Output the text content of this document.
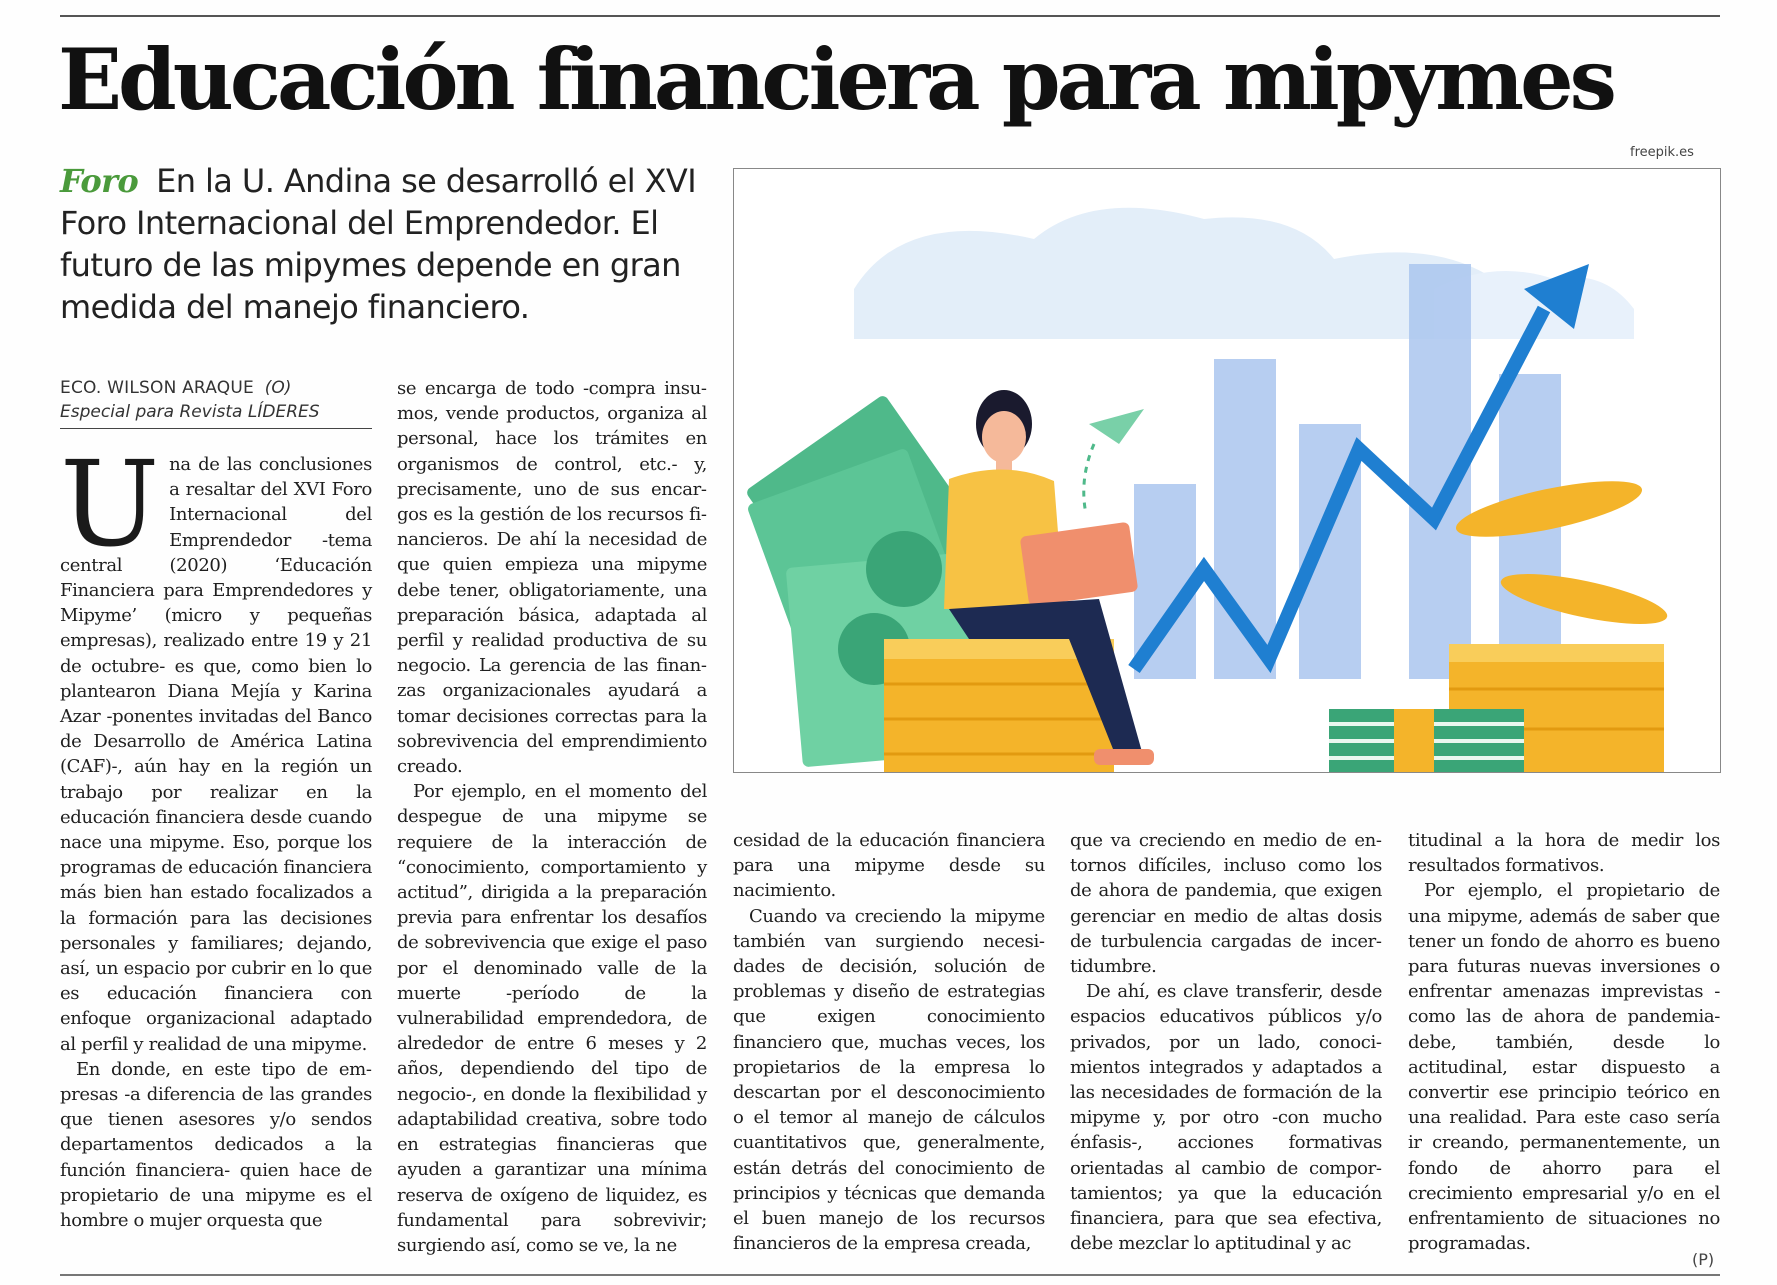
Educación financiera para mipymes
Foro En la U. Andina se desarrolló el XVI Foro Internacional del Emprendedor. El futuro de las mipymes depende en gran medida del manejo financiero.
freepik.es
ECO. WILSON ARAQUE (O)
Especial para Revista LÍDERES

Una de las conclusiones a resaltar del XVI Foro Internacional del Emprendedor -tema central (2020) ‘Educación Financiera para Emprendedores y Mipyme’ (micro y pequeñas empresas), realizado entre 19 y 21 de octubre- es que, como bien lo plantearon Diana Mejía y Karina Azar -ponentes invitadas del Banco de Desarrollo de América Latina (CAF)-, aún hay en la región un trabajo por realizar en la educación financiera desde cuando nace una mipyme. Eso, porque los programas de educación financiera más bien han estado focalizados a la formación para las decisiones personales y familiares; dejando, así, un espacio por cubrir en lo que es educación financiera con enfoque organizacional adaptado al perfil y realidad de una mipyme.

En donde, en este tipo de empresas -a diferencia de las grandes que tienen asesores y/o sendos departamentos dedicados a la función financiera- quien hace de propietario de una mipyme es el hombre o mujer orquesta que

se encarga de todo -compra insumos, vende productos, organiza al personal, hace los trámites en organismos de control, etc.- y, precisamente, uno de sus encargos es la gestión de los recursos financieros. De ahí la necesidad de que quien empieza una mipyme debe tener, obligatoriamente, una preparación básica, adaptada al perfil y realidad productiva de su negocio. La gerencia de las finanzas organizacionales ayudará a tomar decisiones correctas para la sobrevivencia del emprendimiento creado.

Por ejemplo, en el momento del despegue de una mipyme se requiere de la interacción de “conocimiento, comportamiento y actitud”, dirigida a la preparación previa para enfrentar los desafíos de sobrevivencia que exige el paso por el denominado valle de la muerte -período de la vulnerabilidad emprendedora, de alrededor de entre 6 meses y 2 años, dependiendo del tipo de negocio-, en donde la flexibilidad y adaptabilidad creativa, sobre todo en estrategias financieras que ayuden a garantizar una mínima reserva de oxígeno de liquidez, es fundamental para sobrevivir; surgiendo así, como se ve, la ne

cesidad de la educación financiera para una mipyme desde su nacimiento.

Cuando va creciendo la mipyme también van surgiendo necesidades de decisión, solución de problemas y diseño de estrategias que exigen conocimiento financiero que, muchas veces, los propietarios de la empresa lo descartan por el desconocimiento o el temor al manejo de cálculos cuantitativos que, generalmente, están detrás del conocimiento de principios y técnicas que demanda el buen manejo de los recursos financieros de la empresa creada,

que va creciendo en medio de entornos difíciles, incluso como los de ahora de pandemia, que exigen gerenciar en medio de altas dosis de turbulencia cargadas de incertidumbre.

De ahí, es clave transferir, desde espacios educativos públicos y/o privados, por un lado, conocimientos integrados y adaptados a las necesidades de formación de la mipyme y, por otro -con mucho énfasis-, acciones formativas orientadas al cambio de comportamientos; ya que la educación financiera, para que sea efectiva, debe mezclar lo aptitudinal y ac

titudinal a la hora de medir los resultados formativos.

Por ejemplo, el propietario de una mipyme, además de saber que tener un fondo de ahorro es bueno para futuras nuevas inversiones o enfrentar amenazas imprevistas -como las de ahora de pandemia- debe, también, desde lo actitudinal, estar dispuesto a convertir ese principio teórico en una realidad. Para este caso sería ir creando, permanentemente, un fondo de ahorro para el crecimiento empresarial y/o en el enfrentamiento de situaciones no programadas.

(P)
